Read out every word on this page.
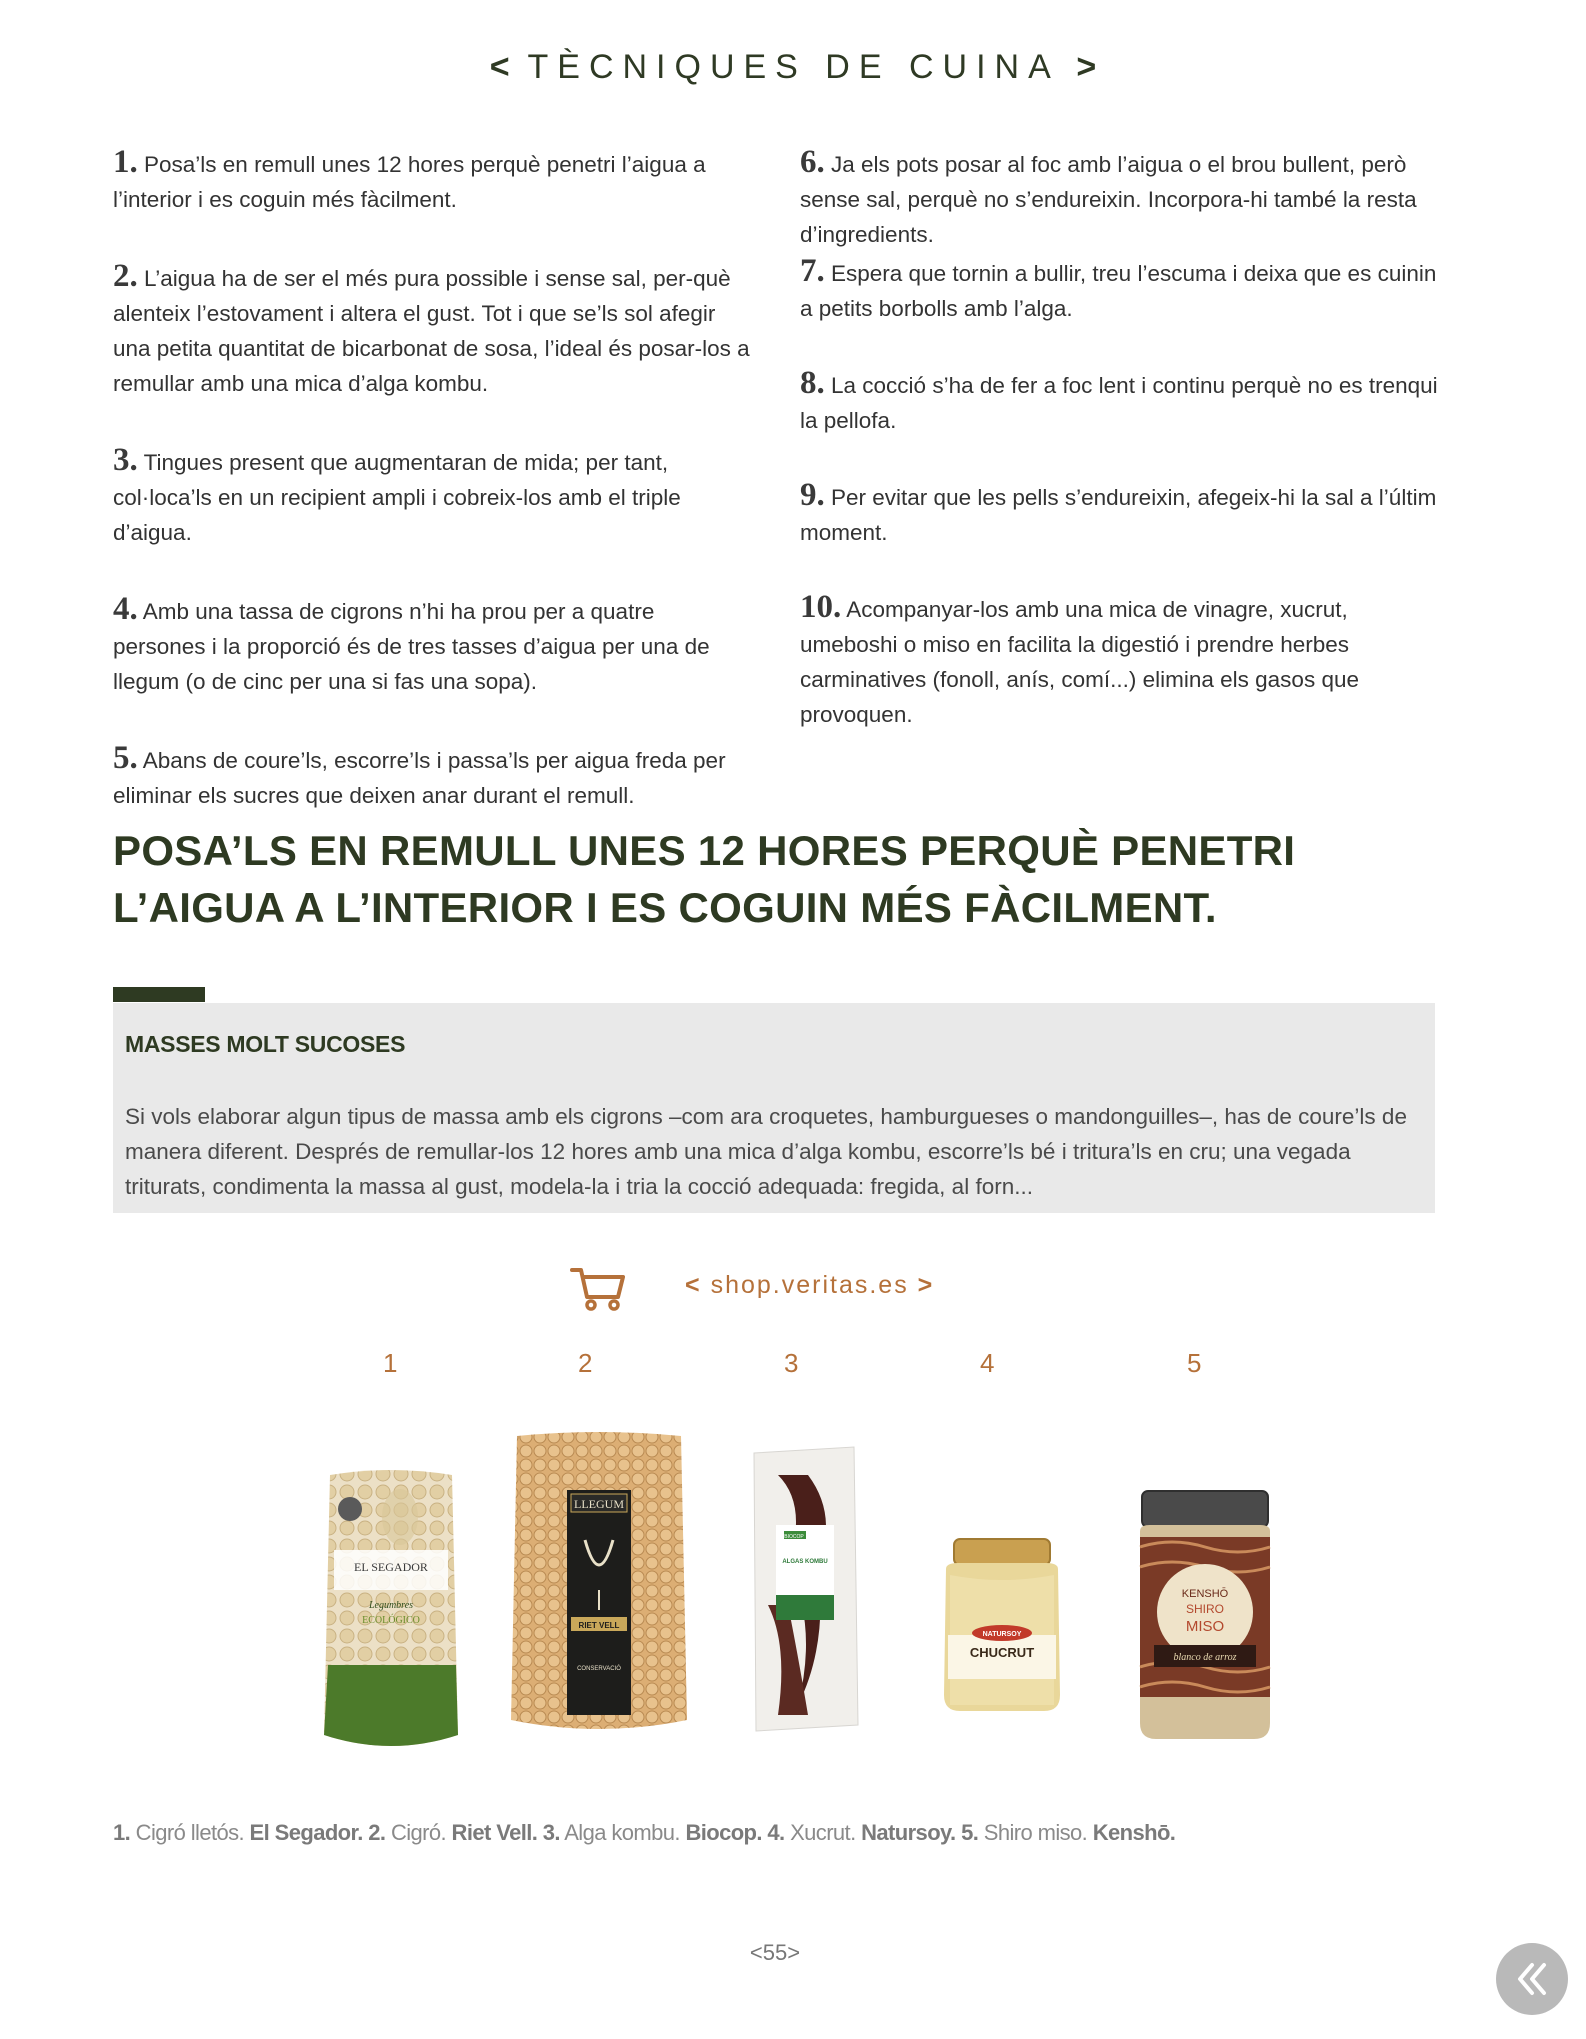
< TÈCNIQUES DE CUINA >

1. Posa’ls en remull unes 12 hores perquè penetri l’aigua a l’interior i es coguin més fàcilment.

2. L’aigua ha de ser el més pura possible i sense sal, per-què alenteix l’estovament i altera el gust. Tot i que se’ls sol afegir una petita quantitat de bicarbonat de sosa, l’ideal és posar-los a remullar amb una mica d’alga kombu.

3. Tingues present que augmentaran de mida; per tant, col·loca’ls en un recipient ampli i cobreix-los amb el triple d’aigua.

4. Amb una tassa de cigrons n’hi ha prou per a quatre persones i la proporció és de tres tasses d’aigua per una de llegum (o de cinc per una si fas una sopa).

5. Abans de coure’ls, escorre’ls i passa’ls per aigua freda per eliminar els sucres que deixen anar durant el remull.

6. Ja els pots posar al foc amb l’aigua o el brou bullent, però sense sal, perquè no s’endureixin. Incorpora-hi també la resta d’ingredients.

7. Espera que tornin a bullir, treu l’escuma i deixa que es cuinin a petits borbolls amb l’alga.

8. La cocció s’ha de fer a foc lent i continu perquè no es trenqui la pellofa.

9. Per evitar que les pells s’endureixin, afegeix-hi la sal a l’últim moment.

10. Acompanyar-los amb una mica de vinagre, xucrut, umeboshi o miso en facilita la digestió i prendre herbes carminatives (fonoll, anís, comí...) elimina els gasos que provoquen.

POSA’LS EN REMULL UNES 12 HORES PERQUÈ PENETRI
L’AIGUA A L’INTERIOR I ES COGUIN MÉS FÀCILMENT.
MASSES MOLT SUCOSES
Si vols elaborar algun tipus de massa amb els cigrons –com ara croquetes, hamburgueses o mandonguilles–, has de coure’ls de manera diferent. Després de remullar-los 12 hores amb una mica d’alga kombu, escorre’ls bé i tritura’ls en cru; una vegada triturats, condimenta la massa al gust, modela-la i tria la cocció adequada: fregida, al forn...
< shop.veritas.es >
1	2	3	4	5
EL SEGADOR
Legumbres
ECOLÓGICO
LLEGUM
RIET VELL
CONSERVACIÓ
BIOCOP
ALGAS KOMBU
NATURSOY
CHUCRUT
KENSHŌ
SHIRO
MISO
blanco de arroz
1. Cigró lletós. El Segador. 2. Cigró. Riet Vell. 3. Alga kombu. Biocop. 4. Xucrut. Natursoy. 5. Shiro miso. Kenshō.
<55>
